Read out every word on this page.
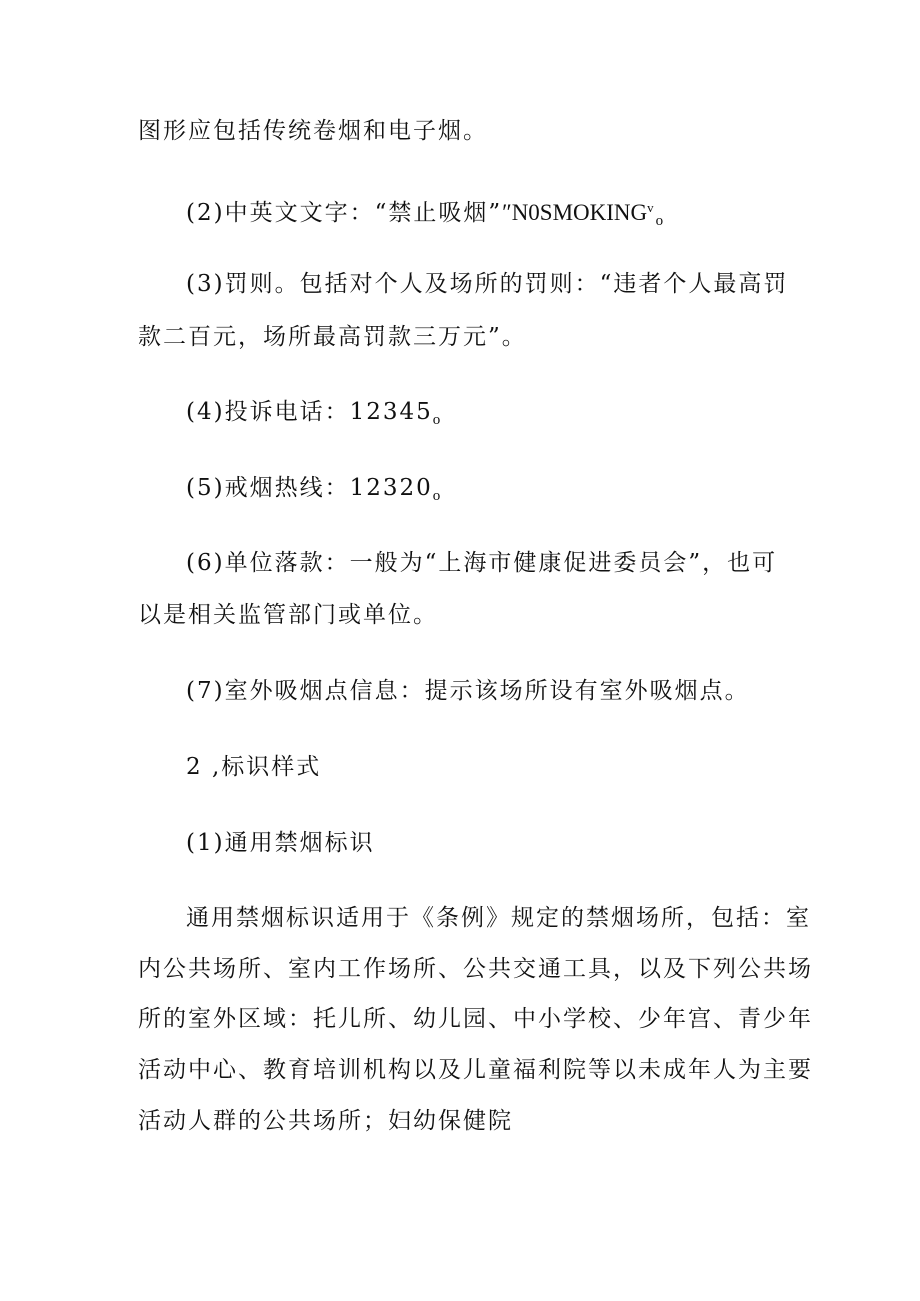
图形应包括传统卷烟和电子烟。
(2)中英文文字：“禁止吸烟$”''N0SMOKING^v_o$
(3)罚则。包括对个人及场所的罚则：“违者个人最高罚
款二百元，场所最高罚款三万元”。
(4)投诉电话：$12345_o$
(5)戒烟热线：$12320_o$
(6)单位落款：一般为“上海市健康促进委员会”，也可
以是相关监管部门或单位。
(7)室外吸烟点信息：提示该场所设有室外吸烟点。
2 ,标识样式
(1)通用禁烟标识
通用禁烟标识适用于《条例》规定的禁烟场所，包括：室
内公共场所、室内工作场所、公共交通工具，以及下列公共场
所的室外区域：托儿所、幼儿园、中小学校、少年宫、青少年
活动中心、教育培训机构以及儿童福利院等以未成年人为主要
活动人群的公共场所；妇幼保健院
